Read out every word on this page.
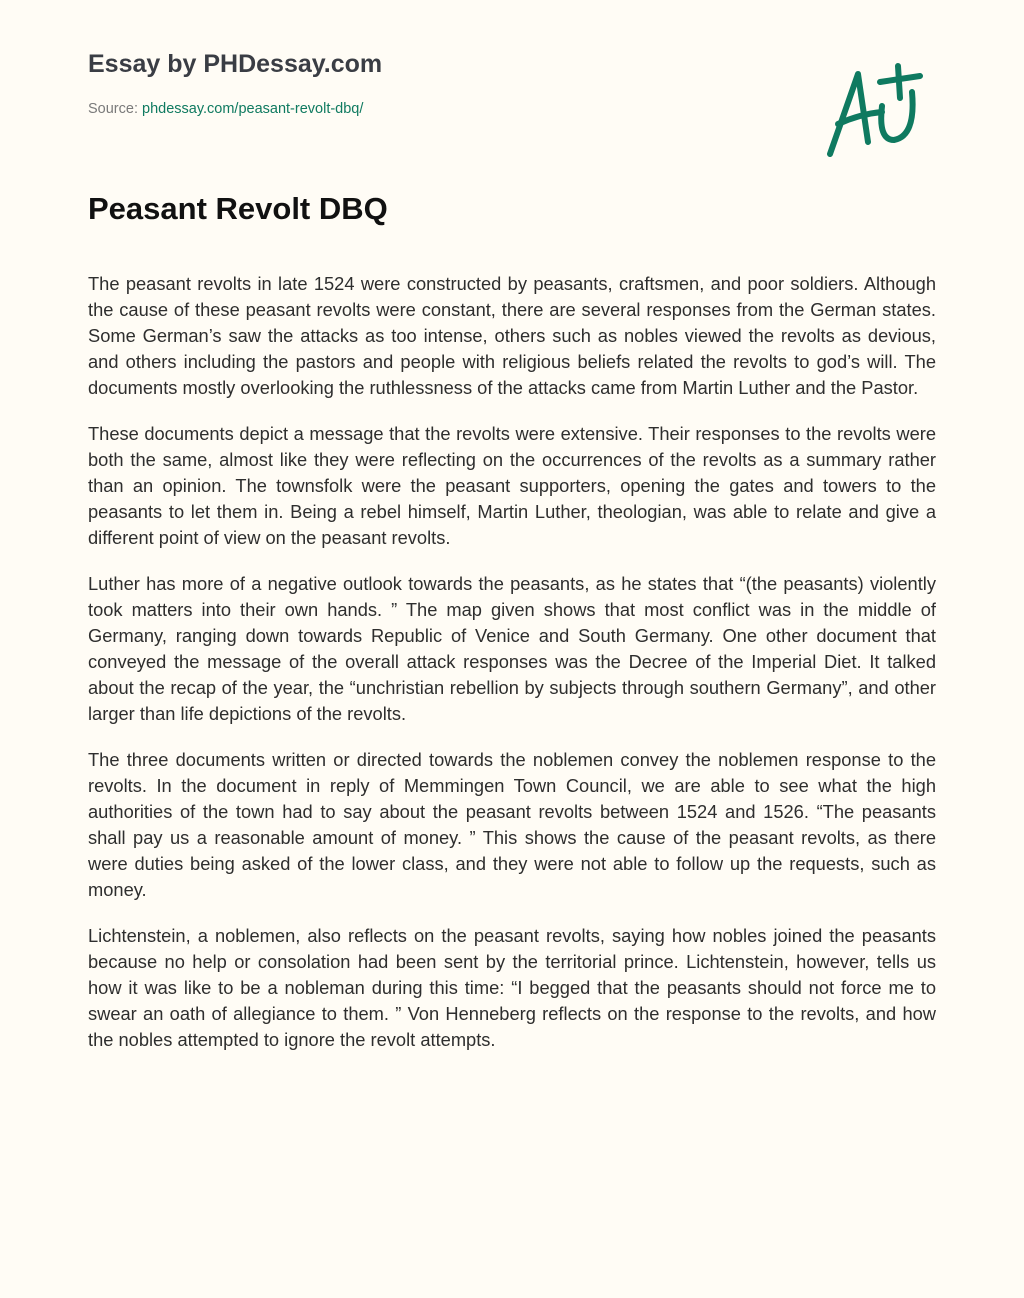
Essay by PHDessay.com
Source: phdessay.com/peasant-revolt-dbq/
Peasant Revolt DBQ

The peasant revolts in late 1524 were constructed by peasants, craftsmen, and poor soldiers. Although the cause of these peasant revolts were constant, there are several responses from the German states. Some German’s saw the attacks as too intense, others such as nobles viewed the revolts as devious, and others including the pastors and people with religious beliefs related the revolts to god’s will. The documents mostly overlooking the ruthlessness of the attacks came from Martin Luther and the Pastor.

These documents depict a message that the revolts were extensive. Their responses to the revolts were both the same, almost like they were reflecting on the occurrences of the revolts as a summary rather than an opinion. The townsfolk were the peasant supporters, opening the gates and towers to the peasants to let them in. Being a rebel himself, Martin Luther, theologian, was able to relate and give a different point of view on the peasant revolts.

Luther has more of a negative outlook towards the peasants, as he states that “(the peasants) violently took matters into their own hands. ” The map given shows that most conflict was in the middle of Germany, ranging down towards Republic of Venice and South Germany. One other document that conveyed the message of the overall attack responses was the Decree of the Imperial Diet. It talked about the recap of the year, the “unchristian rebellion by subjects through southern Germany”, and other larger than life depictions of the revolts.

The three documents written or directed towards the noblemen convey the noblemen response to the revolts. In the document in reply of Memmingen Town Council, we are able to see what the high authorities of the town had to say about the peasant revolts between 1524 and 1526. “The peasants shall pay us a reasonable amount of money. ” This shows the cause of the peasant revolts, as there were duties being asked of the lower class, and they were not able to follow up the requests, such as money.

Lichtenstein, a noblemen, also reflects on the peasant revolts, saying how nobles joined the peasants because no help or consolation had been sent by the territorial prince. Lichtenstein, however, tells us how it was like to be a nobleman during this time: “I begged that the peasants should not force me to swear an oath of allegiance to them. ” Von Henneberg reflects on the response to the revolts, and how the nobles attempted to ignore the revolt attempts.
